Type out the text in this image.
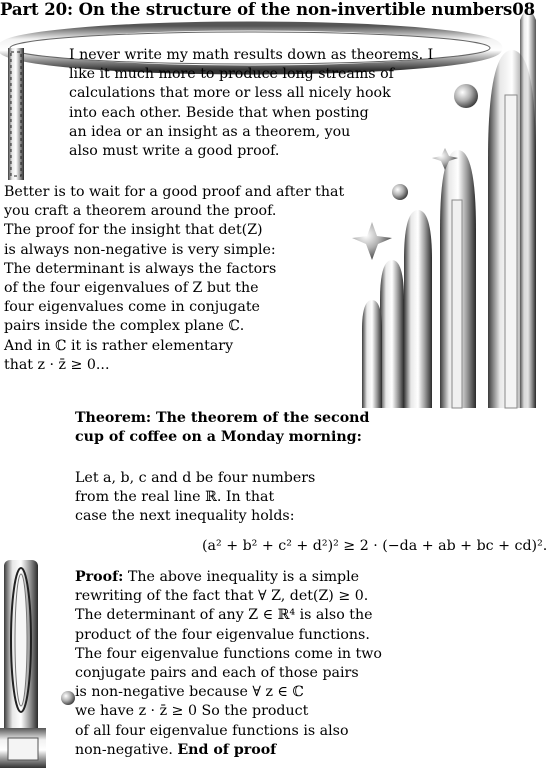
Part 20: On the structure of the non-invertible numbers08
I never write my math results down as theorems. I
like it much more to produce long streams of
calculations that more or less all nicely hook
into each other. Beside that when posting
an idea or an insight as a theorem, you
also must write a good proof.
Better is to wait for a good proof and after that
you craft a theorem around the proof.
The proof for the insight that det(Z)
is always non-negative is very simple:
The determinant is always the factors
of the four eigenvalues of Z but the
four eigenvalues come in conjugate
pairs inside the complex plane ℂ.
And in ℂ it is rather elementary
that z · z̄ ≥ 0...
Theorem: The theorem of the second
cup of coffee on a Monday morning:
Let a, b, c and d be four numbers
from the real line ℝ. In that
case the next inequality holds:
(a² + b² + c² + d²)² ≥ 2 · (−da + ab + bc + cd)².
Proof: The above inequality is a simple
rewriting of the fact that ∀ Z, det(Z) ≥ 0.
The determinant of any Z ∈ ℝ⁴ is also the
product of the four eigenvalue functions.
The four eigenvalue functions come in two
conjugate pairs and each of those pairs
is non-negative because ∀ z ∈ ℂ
we have z · z̄ ≥ 0 So the product
of all four eigenvalue functions is also
non-negative. End of proof
